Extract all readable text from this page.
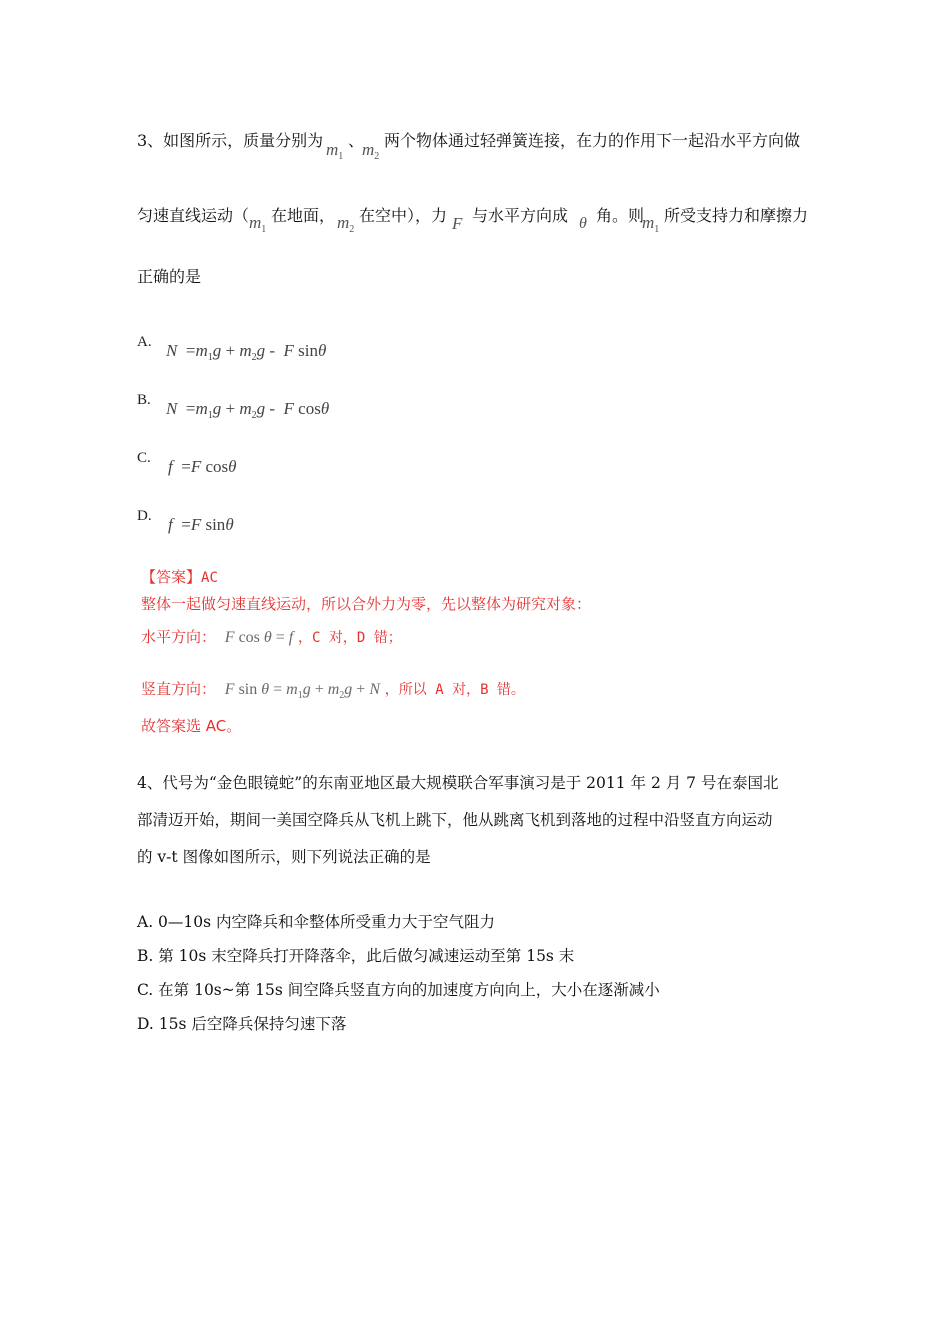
3、如图所示，质量分别为 $m_1$
、
$m_2$
两个物体通过轻弹簧连接，在力的作用下一起沿水平方向做
匀速直线运动（ $m_1$
在地面， $m_2$
在空中），力 F 与水平方向成 θ 角。则
$m_1$
所受支持力和摩擦力
正确的是
A. $N =m_1g + m_2g - F$ sinθ
B. $N =m_1g + m_2g - F$ cosθ
C. f  =F cosθ
D. f  =F sinθ
【答案】AC
整体一起做匀速直线运动，所以合外力为零，先以整体为研究对象：
水平方向： F cos θ = f ，C 对，D 错；
竖直方向： F $\sin \theta = m_1g + m_2g + N$ ，所以 A 对，B 错。
故答案选 AC。
4、代号为“金色眼镜蛇”的东南亚地区最大规模联合军事演习是于 2011 年 2 月 7 号在泰国北
部清迈开始，期间一美国空降兵从飞机上跳下，他从跳离飞机到落地的过程中沿竖直方向运动
的 v-t 图像如图所示，则下列说法正确的是
A. 0—10s 内空降兵和伞整体所受重力大于空气阻力
B. 第 10s 末空降兵打开降落伞，此后做匀减速运动至第 15s 末
C. 在第 10s~第 15s 间空降兵竖直方向的加速度方向向上，大小在逐渐减小
D. 15s 后空降兵保持匀速下落
